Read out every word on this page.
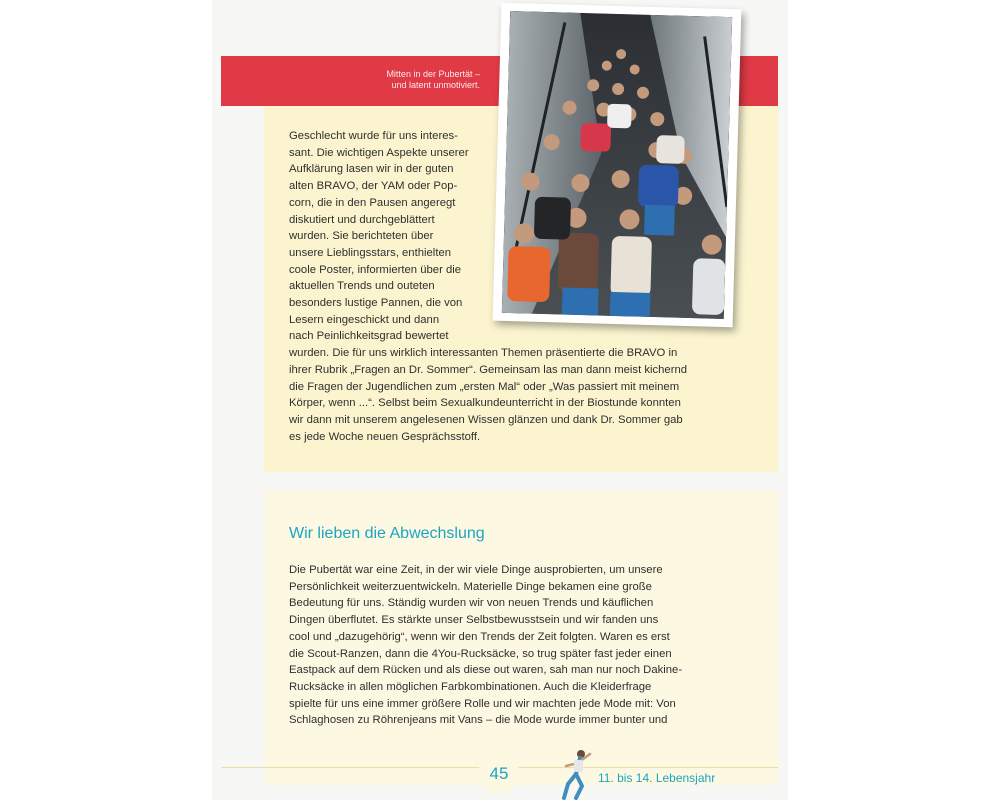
Mitten in der Pubertät –
und latent unmotiviert.
Geschlecht wurde für uns interes-
sant. Die wichtigen Aspekte unserer
Aufklärung lasen wir in der guten
alten BRAVO, der YAM oder Pop-
corn, die in den Pausen angeregt
diskutiert und durchgeblättert
wurden. Sie berichteten über
unsere Lieblingsstars, enthielten
coole Poster, informierten über die
aktuellen Trends und outeten
besonders lustige Pannen, die von
Lesern eingeschickt und dann
nach Peinlichkeitsgrad bewertet
wurden. Die für uns wirklich interessanten Themen präsentierte die BRAVO in
ihrer Rubrik „Fragen an Dr. Sommer“. Gemeinsam las man dann meist kichernd
die Fragen der Jugendlichen zum „ersten Mal“ oder „Was passiert mit meinem
Körper, wenn ...“. Selbst beim Sexualkundeunterricht in der Biostunde konnten
wir dann mit unserem angelesenen Wissen glänzen und dank Dr. Sommer gab
es jede Woche neuen Gesprächsstoff.
Wir lieben die Abwechslung
Die Pubertät war eine Zeit, in der wir viele Dinge ausprobierten, um unsere
Persönlichkeit weiterzuentwickeln. Materielle Dinge bekamen eine große
Bedeutung für uns. Ständig wurden wir von neuen Trends und käuflichen
Dingen überflutet. Es stärkte unser Selbstbewusstsein und wir fanden uns
cool und „dazugehörig“, wenn wir den Trends der Zeit folgten. Waren es erst
die Scout-Ranzen, dann die 4You-Rucksäcke, so trug später fast jeder einen
Eastpack auf dem Rücken und als diese out waren, sah man nur noch Dakine-
Rucksäcke in allen möglichen Farbkombinationen. Auch die Kleiderfrage
spielte für uns eine immer größere Rolle und wir machten jede Mode mit: Von
Schlaghosen zu Röhrenjeans mit Vans – die Mode wurde immer bunter und
45	11. bis 14. Lebensjahr
